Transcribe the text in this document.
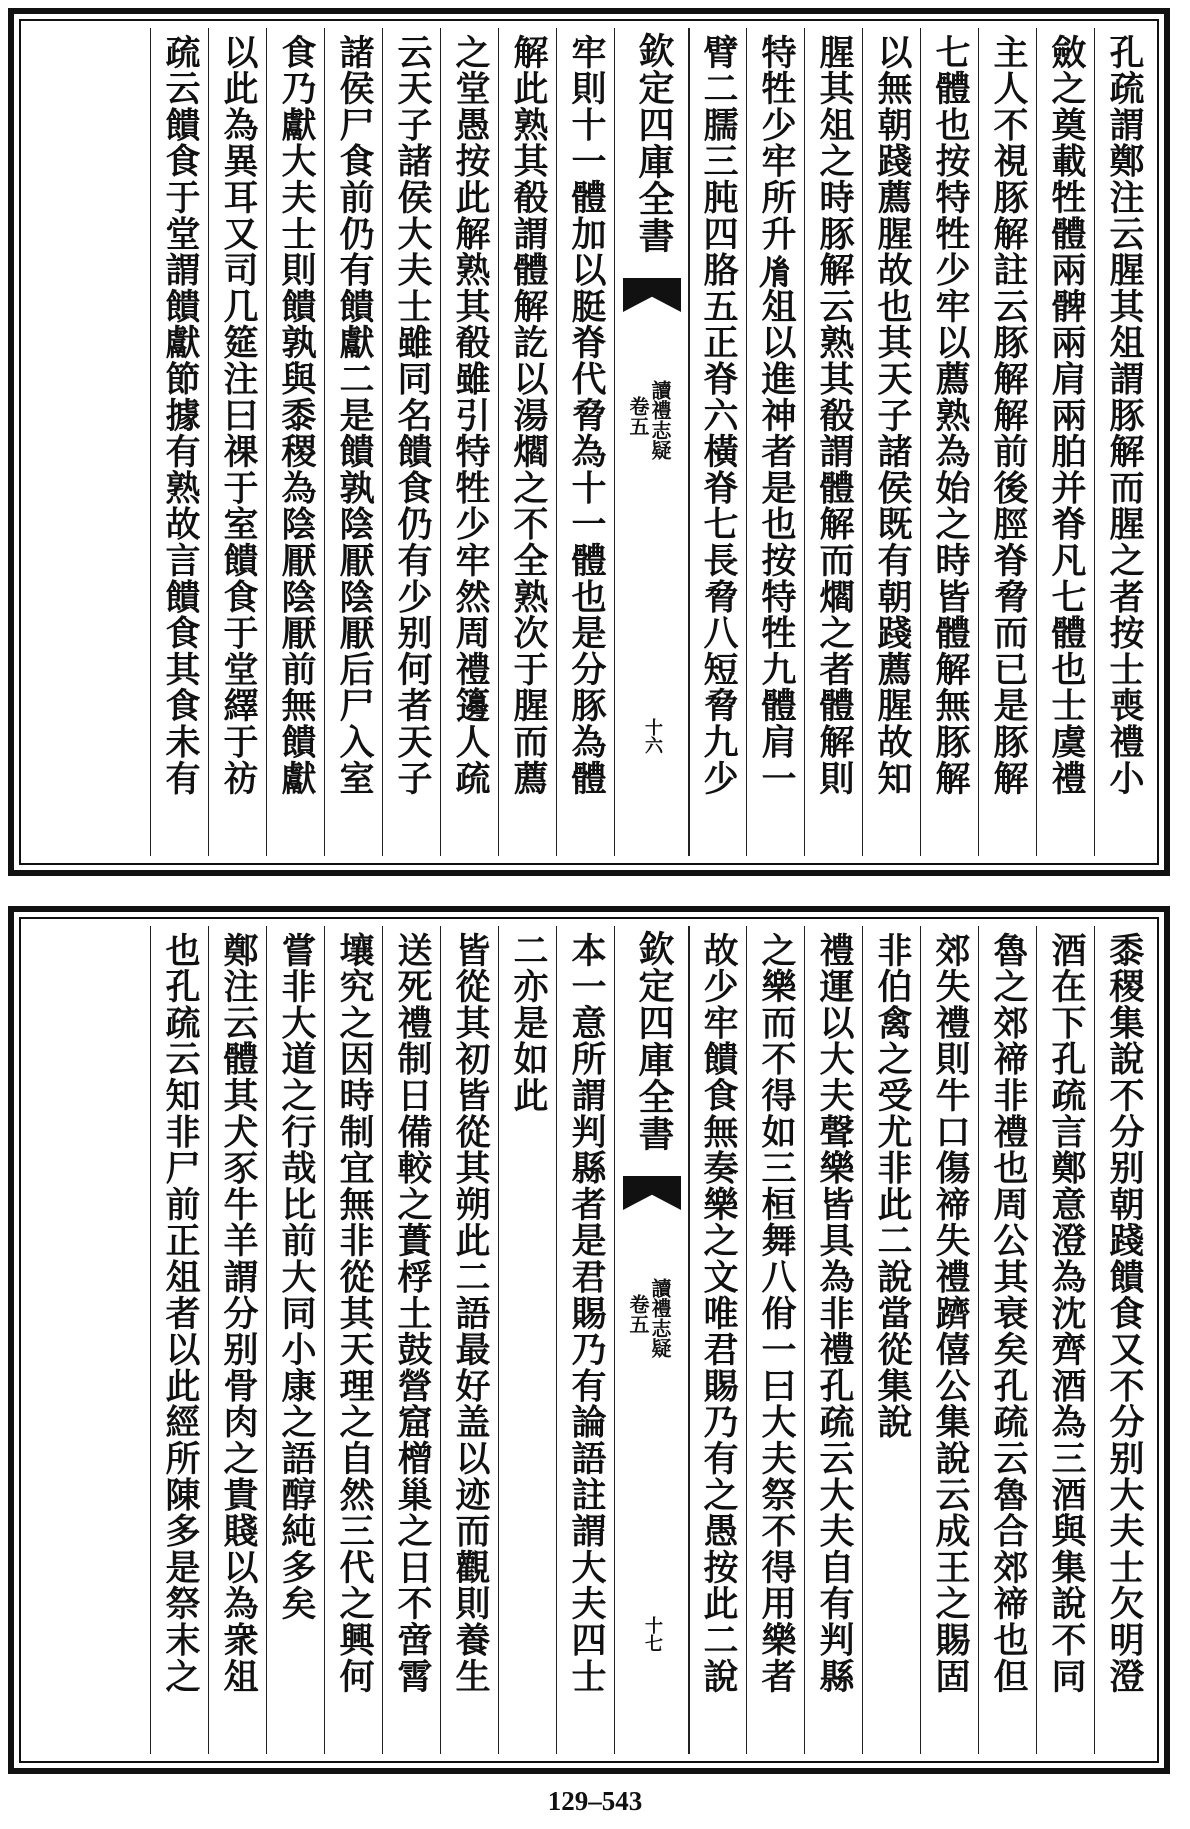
孔疏謂鄭注云腥其俎謂豚解而腥之者按士喪禮小
斂之奠載牲體兩髀兩肩兩胉并脊凡七體也士虞禮
主人不視豚解註云豚解解前後脛脊脅而已是豚解
七體也按特牲少牢以薦熟為始之時皆體解無豚解
以無朝踐薦腥故也其天子諸侯既有朝踐薦腥故知
腥其俎之時豚解云熟其殽謂體解而爓之者體解則
特牲少牢所升𦙍俎以進神者是也按特牲九體肩一
臂二臑三肫四胳五正脊六橫脊七長脅八短脅九少
欽定四庫全書
讀禮志疑
卷五
十六
牢則十一體加以脡脊代脅為十一體也是分豚為體
解此熟其殽謂體解訖以湯爓之不全熟次于腥而薦
之堂愚按此解熟其殽雖引特牲少牢然周禮籩人疏
云天子諸侯大夫士雖同名饋食仍有少别何者天子
諸侯尸食前仍有饋獻二是饋孰陰厭陰厭后尸入室
食乃獻大夫士則饋孰與黍稷為陰厭陰厭前無饋獻
以此為異耳又司几筵注曰祼于室饋食于堂繹于祊
疏云饋食于堂謂饋獻節據有熟故言饋食其食未有
黍稷集說不分别朝踐饋食又不分别大夫士欠明澄
酒在下孔疏言鄭意澄為沈齊酒為三酒與集說不同
魯之郊禘非禮也周公其衰矣孔疏云魯合郊禘也但
郊失禮則牛口傷禘失禮躋僖公集說云成王之賜固
非伯禽之受尤非此二說當從集說
禮運以大夫聲樂皆具為非禮孔疏云大夫自有判縣
之樂而不得如三桓舞八佾一曰大夫祭不得用樂者
故少牢饋食無奏樂之文唯君賜乃有之愚按此二說
欽定四庫全書
讀禮志疑
卷五
十七
本一意所謂判縣者是君賜乃有論語註謂大夫四士
二亦是如此
皆從其初皆從其朔此二語最好盖以迹而觀則養生
送死禮制日備較之蕢桴土鼓營窟橧巢之日不啻霄
壤究之因時制宜無非從其天理之自然三代之興何
嘗非大道之行哉比前大同小康之語醇純多矣
鄭注云體其犬豕牛羊謂分别骨肉之貴賤以為衆俎
也孔疏云知非尸前正俎者以此經所陳多是祭末之
129–543
